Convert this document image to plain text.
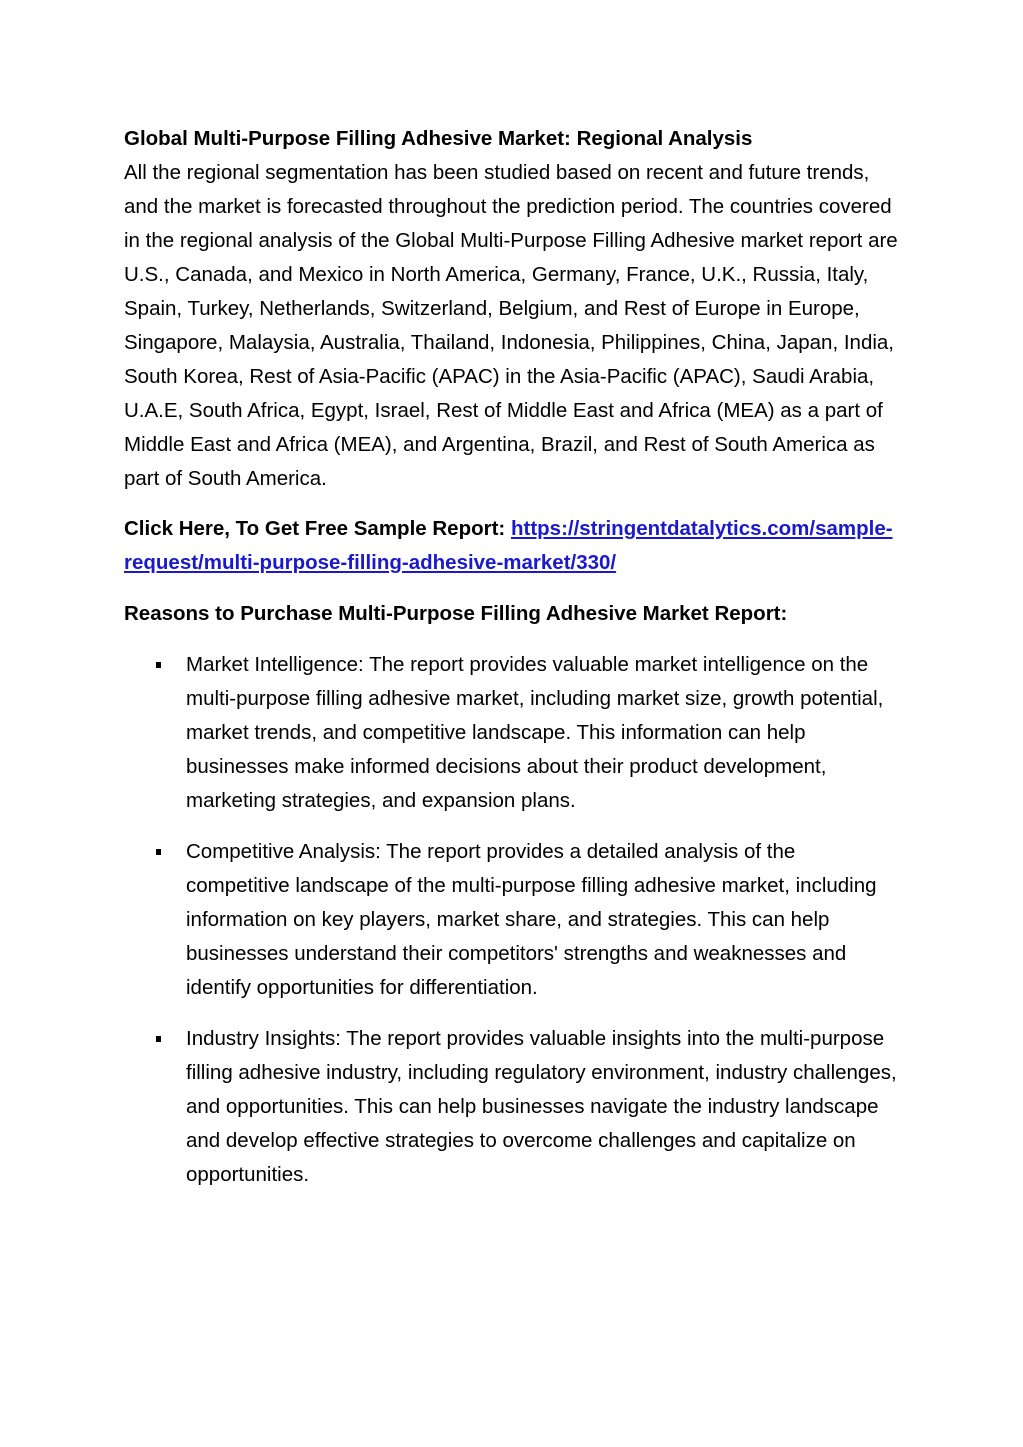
Global Multi-Purpose Filling Adhesive Market: Regional Analysis

All the regional segmentation has been studied based on recent and future trends, and the market is forecasted throughout the prediction period. The countries covered in the regional analysis of the Global Multi-Purpose Filling Adhesive market report are U.S., Canada, and Mexico in North America, Germany, France, U.K., Russia, Italy, Spain, Turkey, Netherlands, Switzerland, Belgium, and Rest of Europe in Europe, Singapore, Malaysia, Australia, Thailand, Indonesia, Philippines, China, Japan, India, South Korea, Rest of Asia-Pacific (APAC) in the Asia-Pacific (APAC), Saudi Arabia, U.A.E, South Africa, Egypt, Israel, Rest of Middle East and Africa (MEA) as a part of Middle East and Africa (MEA), and Argentina, Brazil, and Rest of South America as part of South America.

Click Here, To Get Free Sample Report: https://stringentdatalytics.com/sample-request/multi-purpose-filling-adhesive-market/330/

Reasons to Purchase Multi-Purpose Filling Adhesive Market Report:

Market Intelligence: The report provides valuable market intelligence on the multi-purpose filling adhesive market, including market size, growth potential, market trends, and competitive landscape. This information can help businesses make informed decisions about their product development, marketing strategies, and expansion plans.
Competitive Analysis: The report provides a detailed analysis of the competitive landscape of the multi-purpose filling adhesive market, including information on key players, market share, and strategies. This can help businesses understand their competitors' strengths and weaknesses and identify opportunities for differentiation.
Industry Insights: The report provides valuable insights into the multi-purpose filling adhesive industry, including regulatory environment, industry challenges, and opportunities. This can help businesses navigate the industry landscape and develop effective strategies to overcome challenges and capitalize on opportunities.
